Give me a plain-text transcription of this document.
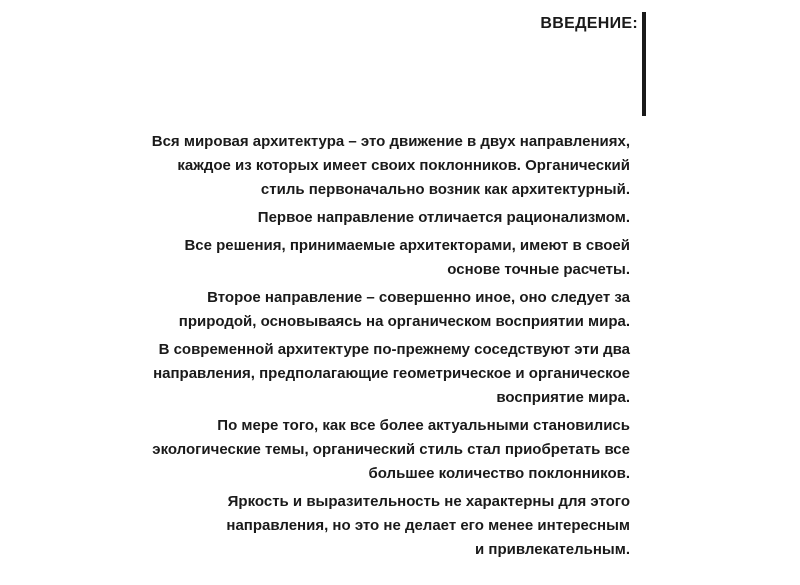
ВВЕДЕНИЕ:
Вся мировая архитектура – это движение в двух направлениях,
каждое из которых имеет своих поклонников. Органический
стиль первоначально возник как архитектурный.
Первое направление отличается рационализмом.
Все решения, принимаемые архитекторами, имеют в своей
основе точные расчеты.
Второе направление – совершенно иное, оно следует за
природой, основываясь на органическом восприятии мира.
В современной архитектуре по-прежнему соседствуют эти два
направления, предполагающие геометрическое и органическое
восприятие мира.
По мере того, как все более актуальными становились
экологические темы, органический стиль стал приобретать все
большее количество поклонников.
Яркость и выразительность не характерны для этого
направления, но это не делает его менее интересным
и привлекательным.
